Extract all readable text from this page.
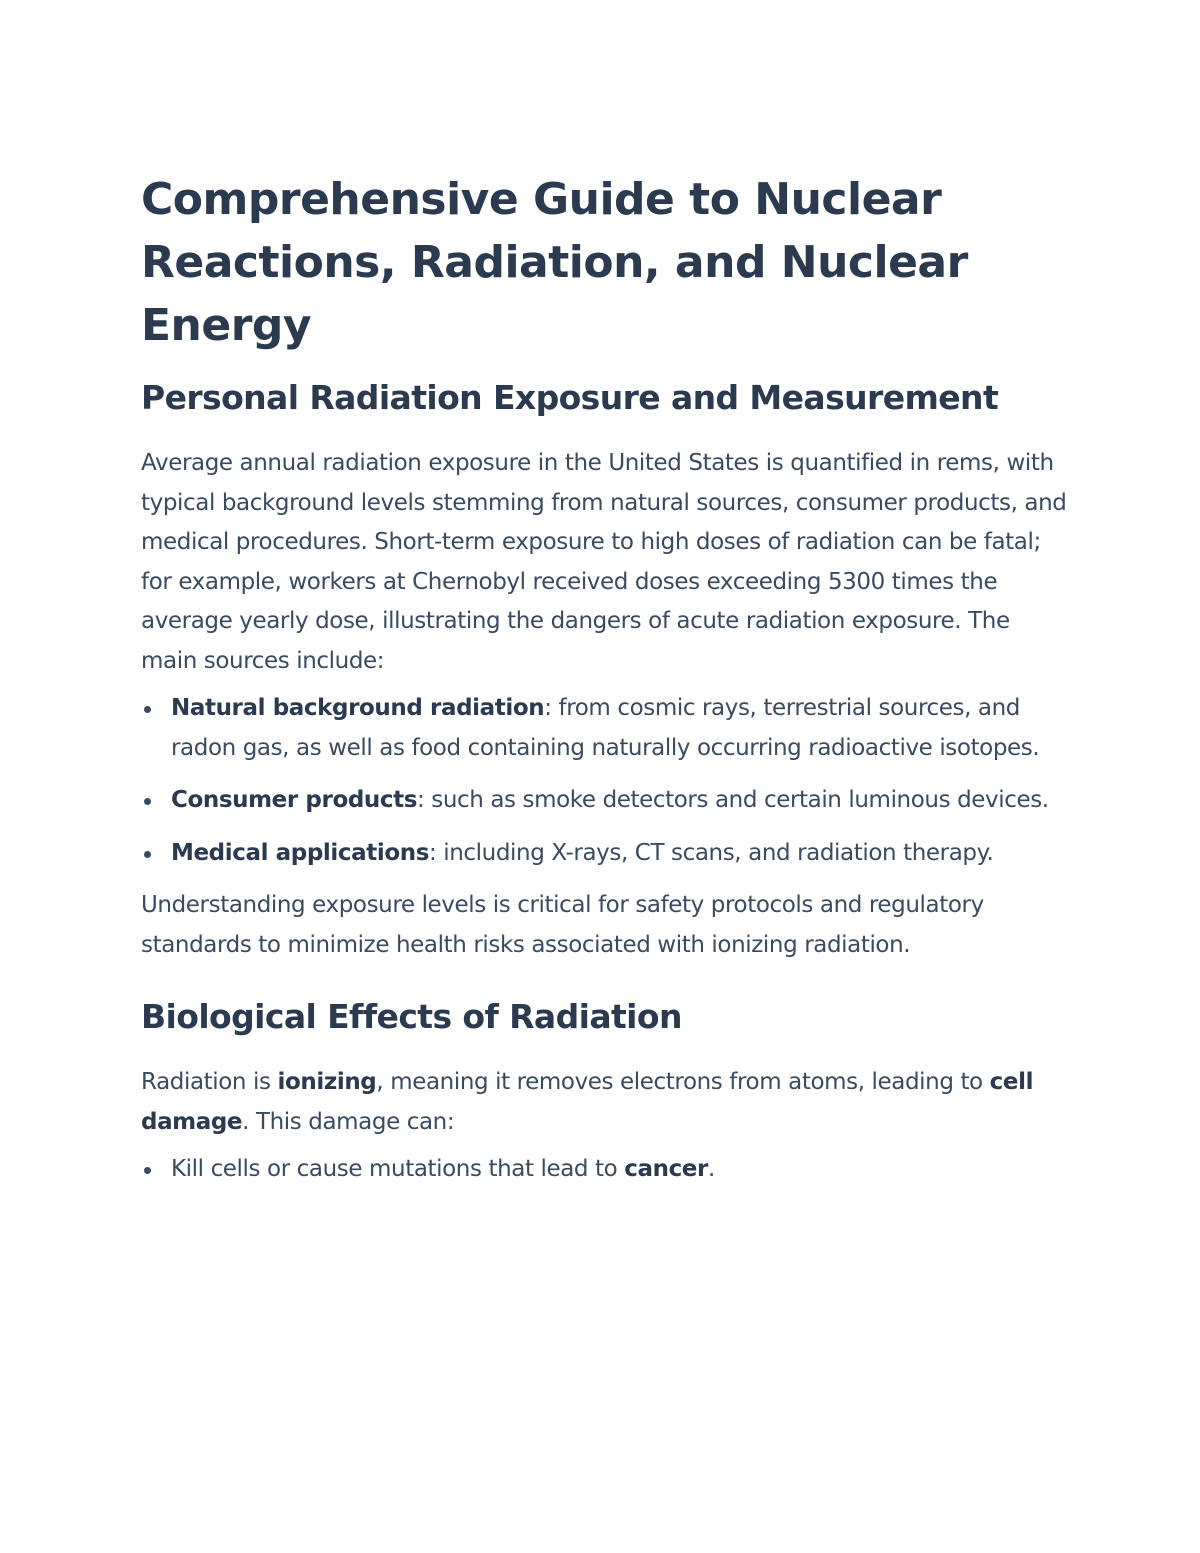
Comprehensive Guide to Nuclear Reactions, Radiation, and Nuclear Energy
Personal Radiation Exposure and Measurement

Average annual radiation exposure in the United States is quantified in rems, with typical background levels stemming from natural sources, consumer products, and medical procedures. Short-term exposure to high doses of radiation can be fatal; for example, workers at Chernobyl received doses exceeding 5300 times the average yearly dose, illustrating the dangers of acute radiation exposure. The main sources include:

Natural background radiation: from cosmic rays, terrestrial sources, and radon gas, as well as food containing naturally occurring radioactive isotopes.
Consumer products: such as smoke detectors and certain luminous devices.
Medical applications: including X-rays, CT scans, and radiation therapy.

Understanding exposure levels is critical for safety protocols and regulatory standards to minimize health risks associated with ionizing radiation.

Biological Effects of Radiation

Radiation is ionizing, meaning it removes electrons from atoms, leading to cell damage. This damage can:

Kill cells or cause mutations that lead to cancer.
